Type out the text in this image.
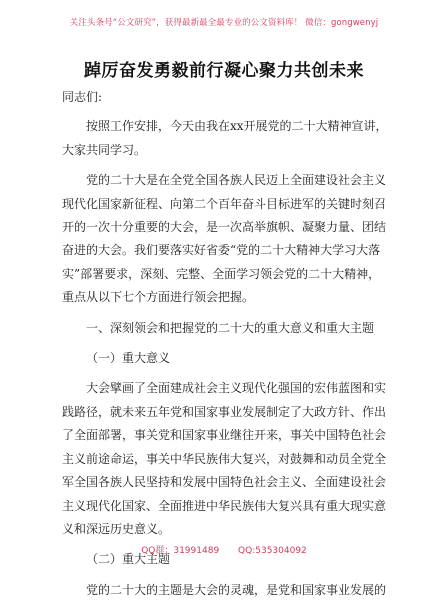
关注头条号“公文研究”，获得最新最全最专业的公文资料库！ 微信：gongwenyj
踔厉奋发勇毅前行凝心聚力共创未来

同志们:

按照工作安排，今天由我在xx开展党的二十大精神宣讲，大家共同学习。

党的二十大是在全党全国各族人民迈上全面建设社会主义现代化国家新征程、向第二个百年奋斗目标进军的关键时刻召开的一次十分重要的大会，是一次高举旗帜、凝聚力量、团结奋进的大会。我们要落实好省委“党的二十大精神大学习大落实”部署要求，深刻、完整、全面学习领会党的二十大精神，重点从以下七个方面进行领会把握。

一、深刻领会和把握党的二十大的重大意义和重大主题

（一）重大意义

大会擘画了全面建成社会主义现代化强国的宏伟蓝图和实践路径，就未来五年党和国家事业发展制定了大政方针、作出了全面部署，事关党和国家事业继往开来，事关中国特色社会主义前途命运，事关中华民族伟大复兴，对鼓舞和动员全党全军全国各族人民坚持和发展中国特色社会主义、全面建设社会主义现代化国家、全面推进中华民族伟大复兴具有重大现实意义和深远历史意义。

（二）重大主题

党的二十大的主题是大会的灵魂，是党和国家事业发展的

QQ群：31991489 QQ:535304092
